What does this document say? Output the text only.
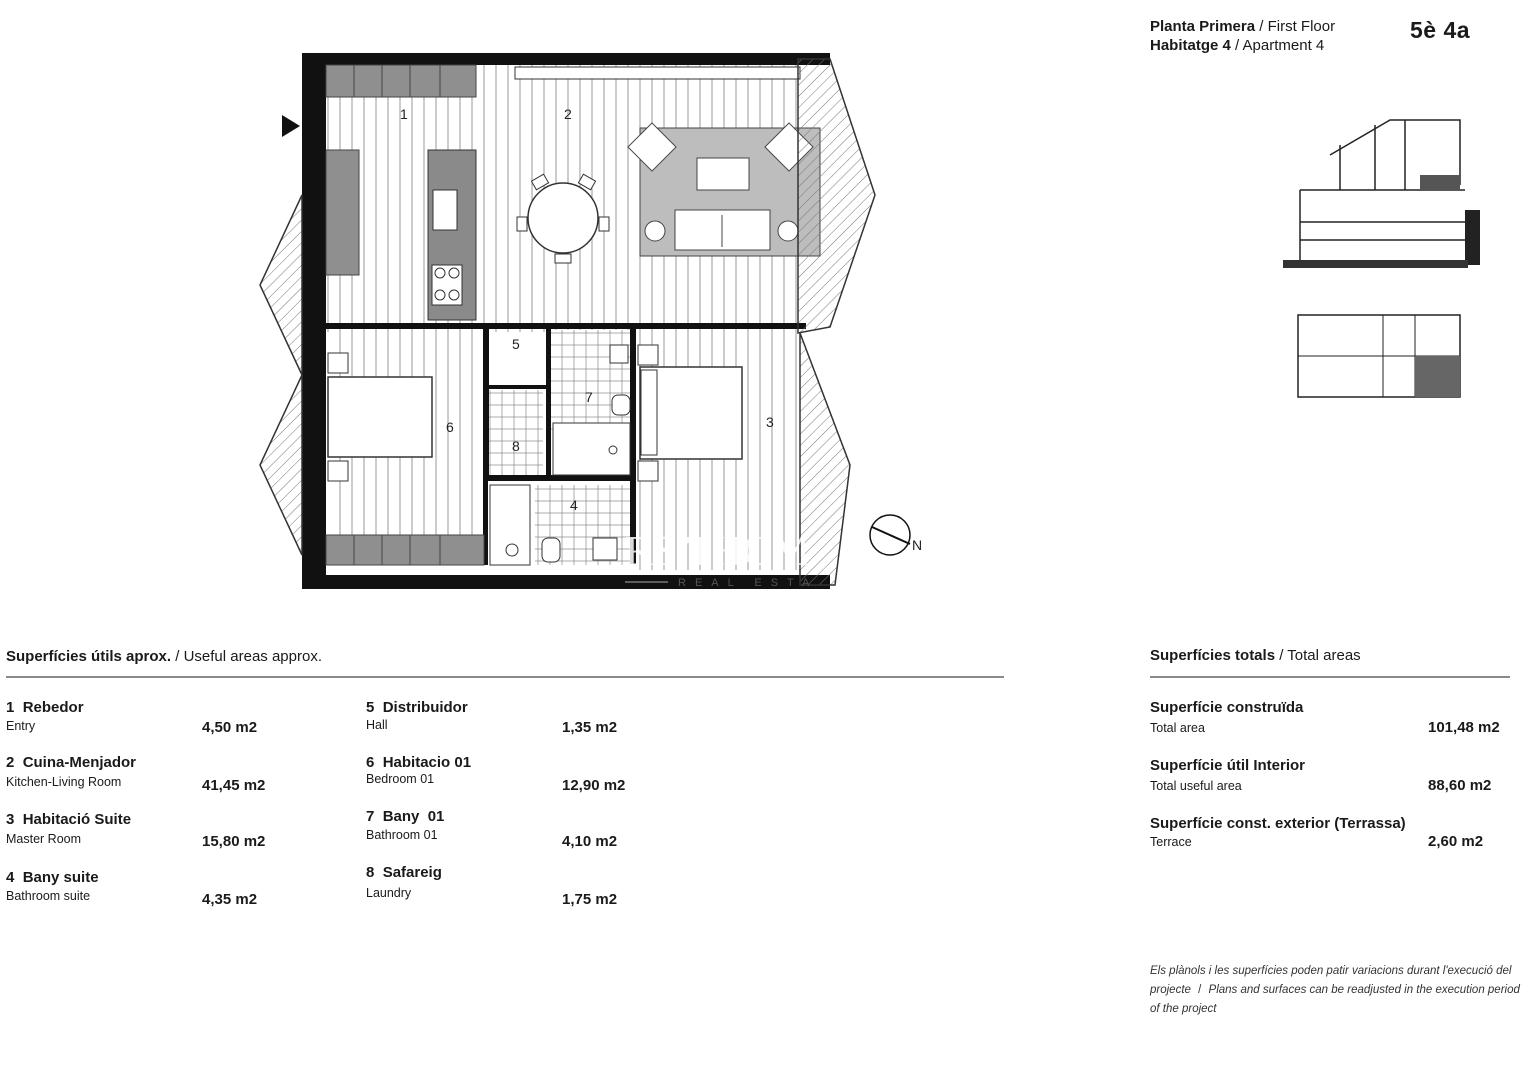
Planta Primera / First Floor
Habitatge 4 / Apartment 4
5è 4a
1	2
3
4
5
6
7
8
RS THOM
REAL ESTA
N
Superfícies útils aprox. / Useful areas approx.
1 Rebedor
Entry	4,50 m2
2 Cuina-Menjador
Kitchen-Living Room	41,45 m2
3 Habitació Suite
Master Room	15,80 m2
4 Bany suite
Bathroom suite	4,35 m2
5 Distribuidor
Hall	1,35 m2
6 Habitacio 01
Bedroom 01	12,90 m2
7 Bany  01
Bathroom 01	4,10 m2
8 Safareig
Laundry	1,75 m2
Superfícies totals / Total areas
Superfície construïda
Total area	101,48 m2
Superfície útil Interior
Total useful area	88,60 m2
Superfície const. exterior (Terrassa)
Terrace	2,60 m2
Els plànols i les superfícies poden patir variacions durant l'execució del projecte / Plans and surfaces can be readjusted in the execution period of the project
